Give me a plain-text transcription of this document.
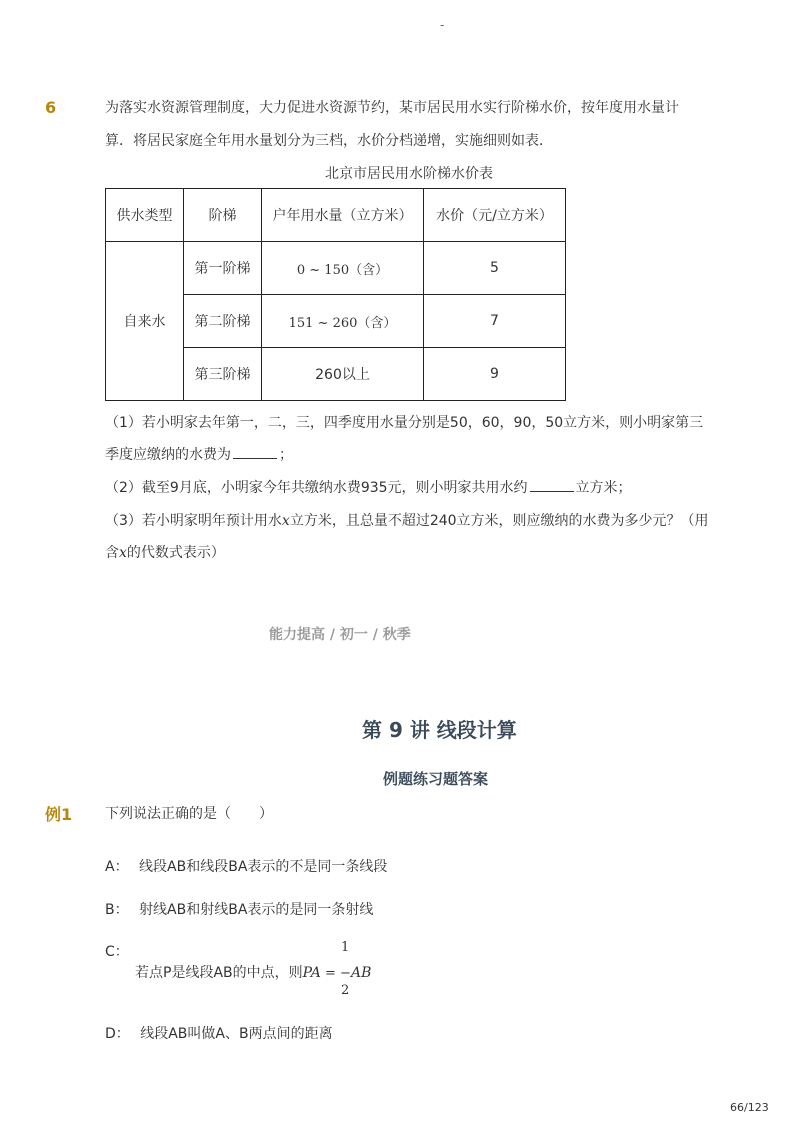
-
6	为落实水资源管理制度，大力促进水资源节约，某市居民用水实行阶梯水价，按年度用水量计
算．将居民家庭全年用水量划分为三档，水价分档递增，实施细则如表．
北京市居民用水阶梯水价表
供水类型	阶梯	户年用水量（立方米）	水价（元/立方米）
自来水	第一阶梯	0 ~ 150（含）	5
	第二阶梯	151 ~ 260（含）	7
	第三阶梯	260以上	9
（1）若小明家去年第一，二，三，四季度用水量分别是50，60，90，50立方米，则小明家第三
季度应缴纳的水费为	；
（2）截至9月底，小明家今年共缴纳水费935元，则小明家共用水约	立方米；
（3）若小明家明年预计用水x立方米，且总量不超过240立方米，则应缴纳的水费为多少元？（用
含x的代数式表示）
能力提高 / 初一 / 秋季
第 9 讲 线段计算
例题练习题答案
例1 下列说法正确的是（　　）
A： 线段AB和线段BA表示的不是同一条线段
B： 射线AB和射线BA表示的是同一条射线
C：	1
若点P是线段AB的中点，则PA = −AB
2
D： 线段AB叫做A、B两点间的距离
66/123
